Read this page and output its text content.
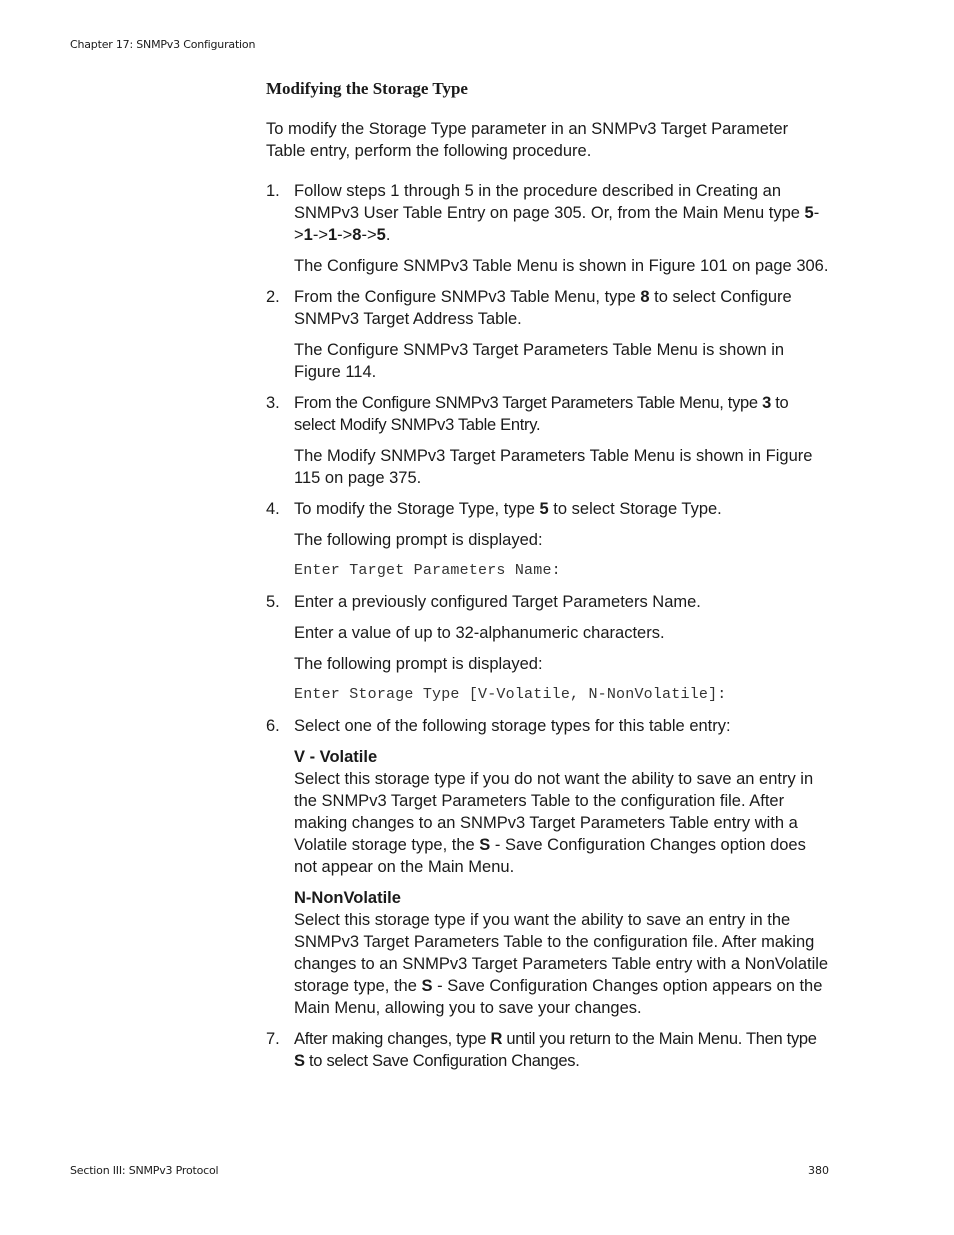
Chapter 17: SNMPv3 Configuration
Modifying the Storage Type

To modify the Storage Type parameter in an SNMPv3 Target Parameter Table entry, perform the following procedure.

1. Follow steps 1 through 5 in the procedure described in Creating an SNMPv3 User Table Entry on page 305. Or, from the Main Menu type 5->1->1->8->5.

The Configure SNMPv3 Table Menu is shown in Figure 101 on page 306.

2. From the Configure SNMPv3 Table Menu, type 8 to select Configure SNMPv3 Target Address Table.

The Configure SNMPv3 Target Parameters Table Menu is shown in Figure 114.

3. From the Configure SNMPv3 Target Parameters Table Menu, type 3 to select Modify SNMPv3 Table Entry.

The Modify SNMPv3 Target Parameters Table Menu is shown in Figure 115 on page 375.

4. To modify the Storage Type, type 5 to select Storage Type.

The following prompt is displayed:

Enter Target Parameters Name:

5. Enter a previously configured Target Parameters Name.

Enter a value of up to 32-alphanumeric characters.

The following prompt is displayed:

Enter Storage Type [V-Volatile, N-NonVolatile]:

6. Select one of the following storage types for this table entry:

V - Volatile
Select this storage type if you do not want the ability to save an entry in the SNMPv3 Target Parameters Table to the configuration file. After making changes to an SNMPv3 Target Parameters Table entry with a Volatile storage type, the S - Save Configuration Changes option does not appear on the Main Menu.

N-NonVolatile
Select this storage type if you want the ability to save an entry in the SNMPv3 Target Parameters Table to the configuration file. After making changes to an SNMPv3 Target Parameters Table entry with a NonVolatile storage type, the S - Save Configuration Changes option appears on the Main Menu, allowing you to save your changes.

7. After making changes, type R until you return to the Main Menu. Then type S to select Save Configuration Changes.

Section III: SNMPv3 Protocol	380
